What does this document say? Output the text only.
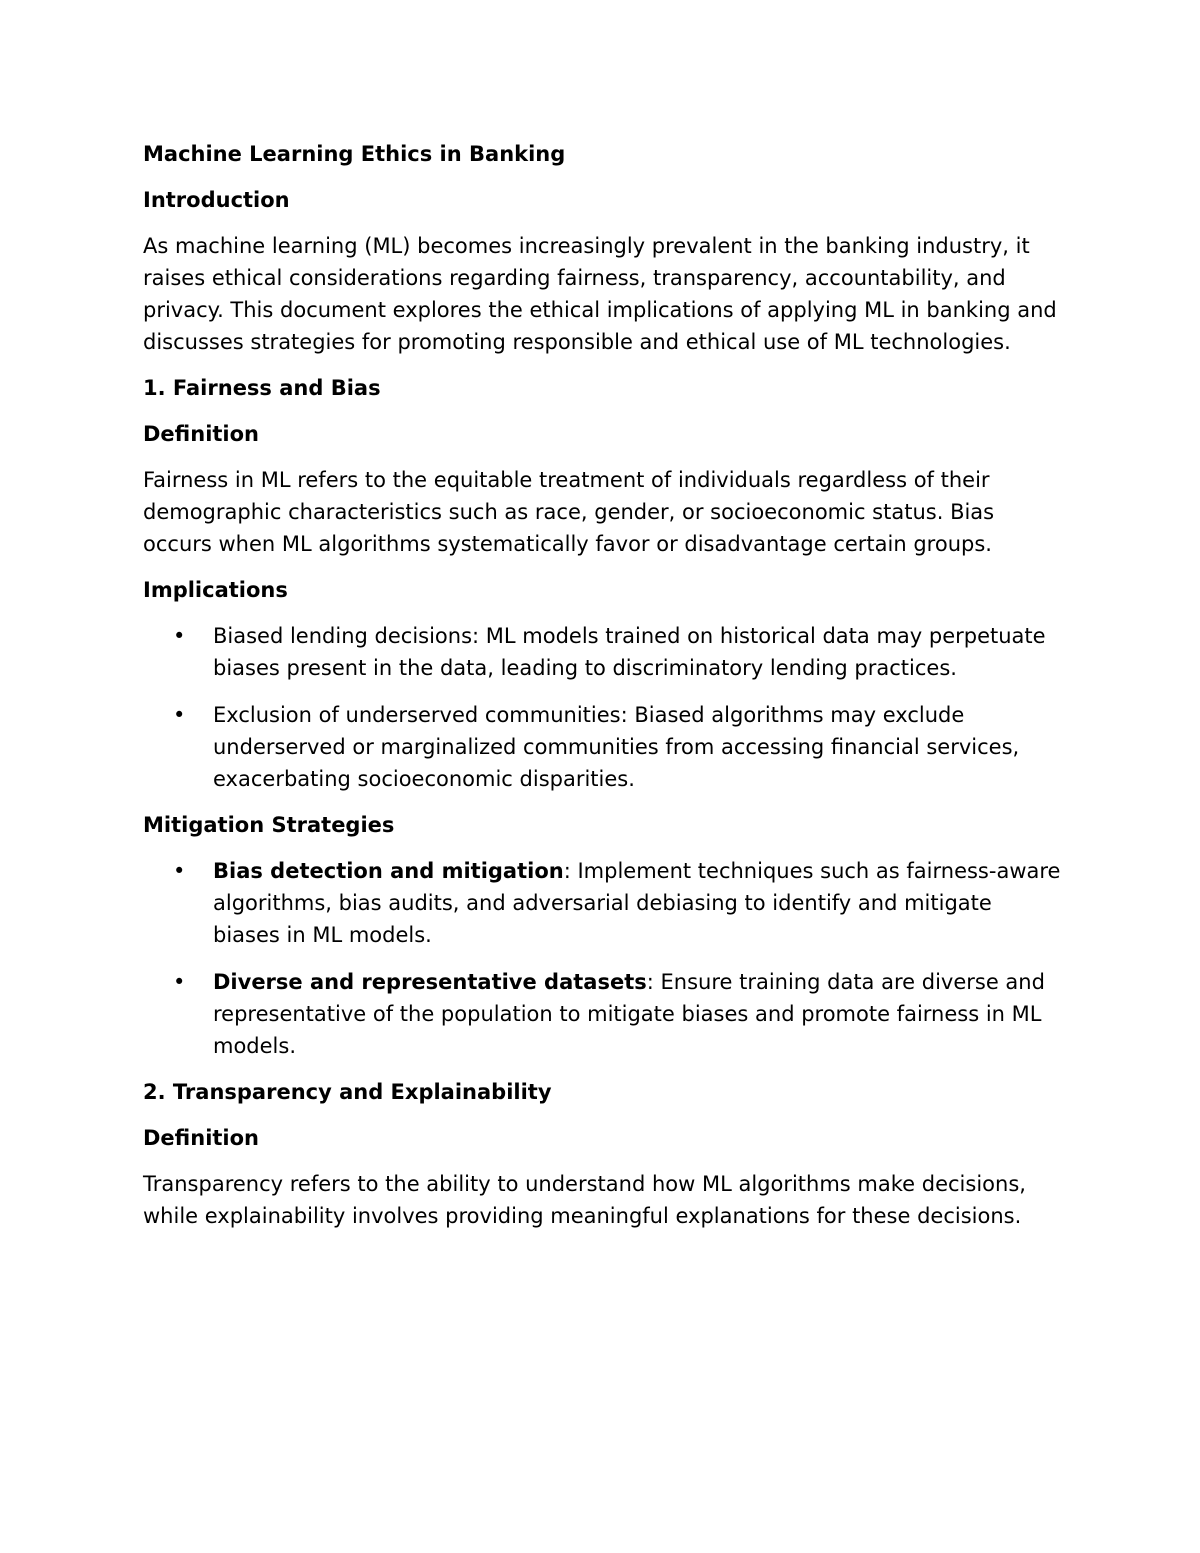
Machine Learning Ethics in Banking
Introduction

As machine learning (ML) becomes increasingly prevalent in the banking industry, it raises ethical considerations regarding fairness, transparency, accountability, and privacy. This document explores the ethical implications of applying ML in banking and discusses strategies for promoting responsible and ethical use of ML technologies.

1. Fairness and Bias
Definition

Fairness in ML refers to the equitable treatment of individuals regardless of their demographic characteristics such as race, gender, or socioeconomic status. Bias occurs when ML algorithms systematically favor or disadvantage certain groups.

Implications
• Biased lending decisions: ML models trained on historical data may perpetuate biases present in the data, leading to discriminatory lending practices.
• Exclusion of underserved communities: Biased algorithms may exclude underserved or marginalized communities from accessing financial services, exacerbating socioeconomic disparities.
Mitigation Strategies
• Bias detection and mitigation: Implement techniques such as fairness-aware algorithms, bias audits, and adversarial debiasing to identify and mitigate biases in ML models.
• Diverse and representative datasets: Ensure training data are diverse and representative of the population to mitigate biases and promote fairness in ML models.
2. Transparency and Explainability
Definition

Transparency refers to the ability to understand how ML algorithms make decisions, while explainability involves providing meaningful explanations for these decisions.
